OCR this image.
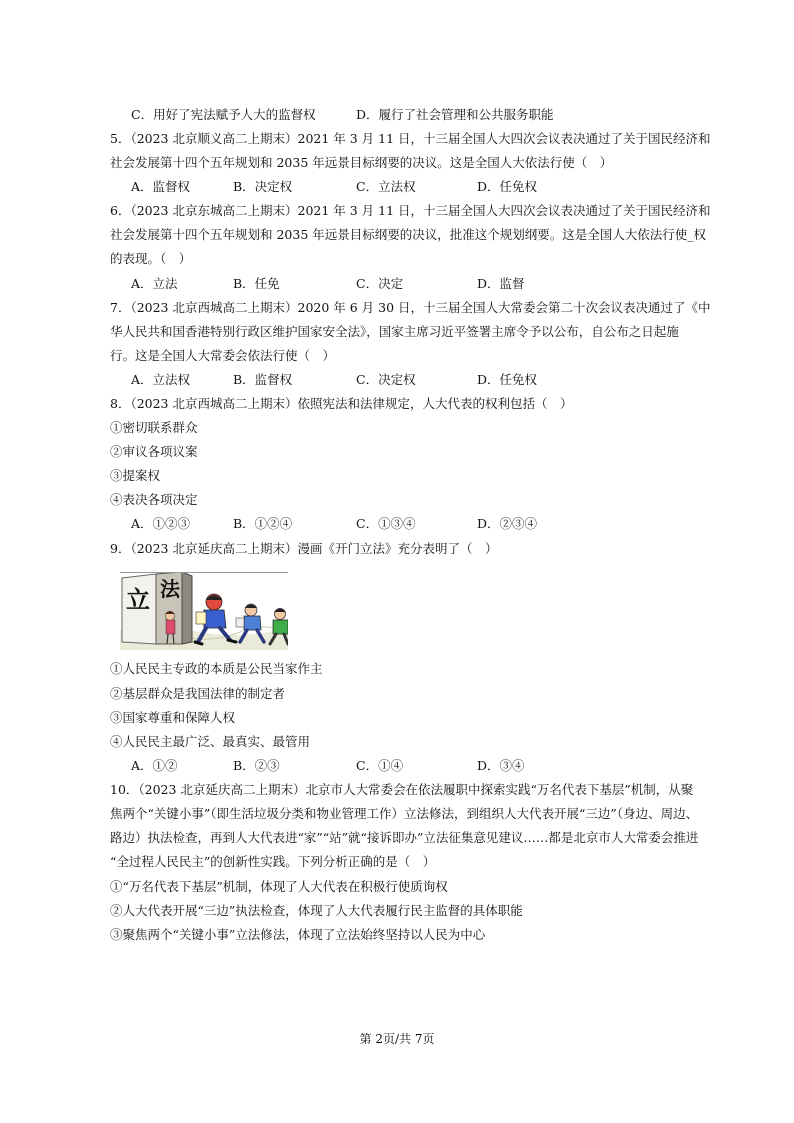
C．用好了宪法赋予人大的监督权	D．履行了社会管理和公共服务职能
5．（2023 北京顺义高二上期末）2021 年 3 月 11 日，十三届全国人大四次会议表决通过了关于国民经济和
社会发展第十四个五年规划和 2035 年远景目标纲要的决议。这是全国人大依法行使（　）
A．监督权	B．决定权	C．立法权	D．任免权
6．（2023 北京东城高二上期末）2021 年 3 月 11 日，十三届全国人大四次会议表决通过了关于国民经济和
社会发展第十四个五年规划和 2035 年远景目标纲要的决议，批准这个规划纲要。这是全国人大依法行使_权
的表现。（　）
A．立法	B．任免	C．决定	D．监督
7．（2023 北京西城高二上期末）2020 年 6 月 30 日，十三届全国人大常委会第二十次会议表决通过了《中
华人民共和国香港特别行政区维护国家安全法》，国家主席习近平签署主席令予以公布，自公布之日起施
行。这是全国人大常委会依法行使（　）
A．立法权	B．监督权	C．决定权	D．任免权
8．（2023 北京西城高二上期末）依照宪法和法律规定，人大代表的权利包括（　）
①密切联系群众
②审议各项议案
③提案权
④表决各项决定
A．①②③	B．①②④	C．①③④	D．②③④
9．（2023 北京延庆高二上期末）漫画《开门立法》充分表明了（　）
立 法
①人民民主专政的本质是公民当家作主
②基层群众是我国法律的制定者
③国家尊重和保障人权
④人民民主最广泛、最真实、最管用
A．①②	B．②③	C．①④	D．③④
10．（2023 北京延庆高二上期末）北京市人大常委会在依法履职中探索实践“万名代表下基层”机制，从聚
焦两个“关键小事”（即生活垃圾分类和物业管理工作）立法修法，到组织人大代表开展“三边”（身边、周边、
路边）执法检查，再到人大代表进“家”“站”就“接诉即办”立法征集意见建议……都是北京市人大常委会推进
“全过程人民民主”的创新性实践。下列分析正确的是（　）
①“万名代表下基层”机制，体现了人大代表在积极行使质询权
②人大代表开展“三边”执法检查，体现了人大代表履行民主监督的具体职能
③聚焦两个“关键小事”立法修法，体现了立法始终坚持以人民为中心
第 2页/共 7页
